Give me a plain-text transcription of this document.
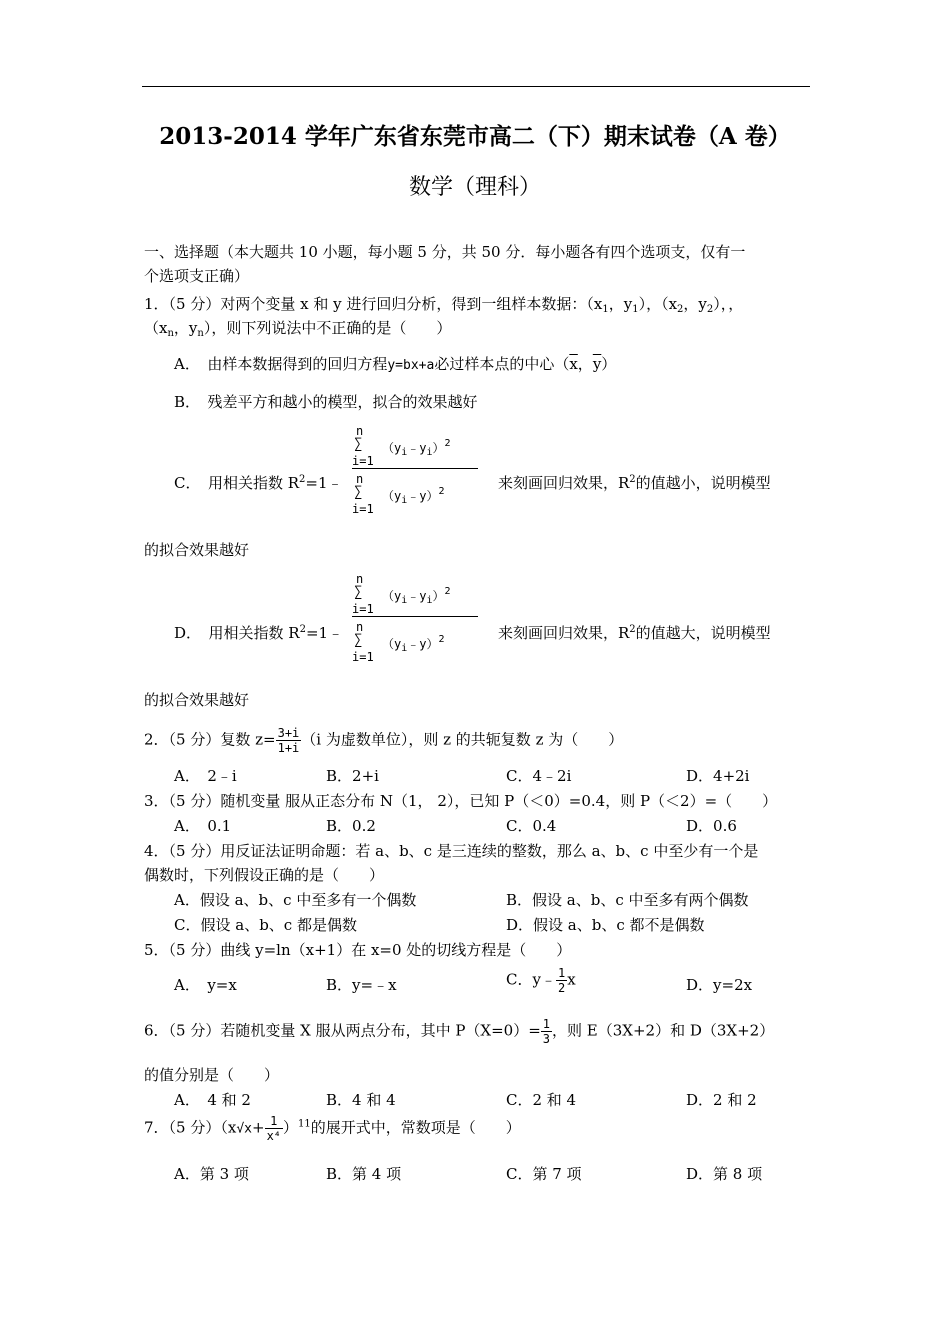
2013-2014 学年广东省东莞市高二（下）期末试卷（A 卷）
数学（理科）
一、选择题（本大题共 10 小题，每小题 5 分，共 50 分．每小题各有四个选项支，仅有一
个选项支正确）
1．（5 分）对两个变量 x 和 y 进行回归分析，得到一组样本数据：（$x_1$，$y_1$），（$x_2$，$y_2$），，
（$x_n$，$y_n$），则下列说法中不正确的是（　　）
A．　由样本数据得到的回归方程y=bx+a必过样本点的中心（$\overline{x}$，$\overline{y}$）
B．　残差平方和越小的模型，拟合的效果越好
C．　用相关指数 $R^2=1﹣$
n
∑
i=1
$(y_i﹣y_i)^2$
n
∑
i=1
$(y_i﹣y)^2$	来刻画回归效果，$R^2$的值越小，说明模型
的拟合效果越好
D．　用相关指数 $R^2=1﹣$
n
∑
i=1
$(y_i﹣y_i)^2$
n
∑
i=1
$(y_i﹣y)^2$	来刻画回归效果，$R^2$的值越大，说明模型
的拟合效果越好
2．（5 分）复数 $z= \frac{3+i}{1+i} (i$ 为虚数单位），则 z 的共轭复数 z 为（　　）
A．　2﹣i	B．2+i	C．4﹣2i	D．4+2i
3．（5 分）随机变量 服从正态分布 N（1， 2），已知 P（＜0）=0.4，则 P（＜2）=（　　）
A．　0.1	B．0.2	C．0.4	D．0.6
4．（5 分）用反证法证明命题：若 a、b、c 是三连续的整数，那么 a、b、c 中至少有一个是
偶数时，下列假设正确的是（　　）
A．假设 a、b、c 中至多有一个偶数	B．假设 a、b、c 中至多有两个偶数
C．假设 a、b、c 都是偶数	D．假设 a、b、c 都不是偶数
5．（5 分）曲线 y=ln（x+1）在 x=0 处的切线方程是（　　）
A．　y=x	B．y=﹣x	C．y﹣ $\frac{1}{2}$ x	D．y=2x
6．（5 分）若随机变量 X 服从两点分布，其中 $P(X=0)= \frac{1}{3}$ ，则 E（3X+2）和 D（3X+2）
的值分别是（　　）
A．　4 和 2	B．4 和 4	C．2 和 4	D．2 和 2
7．（5 分）$(x√x+ \frac{1}{\text{x⁴}} )^{11}$的展开式中，常数项是（　　）
A．第 3 项	B．第 4 项	C．第 7 项	D．第 8 项
